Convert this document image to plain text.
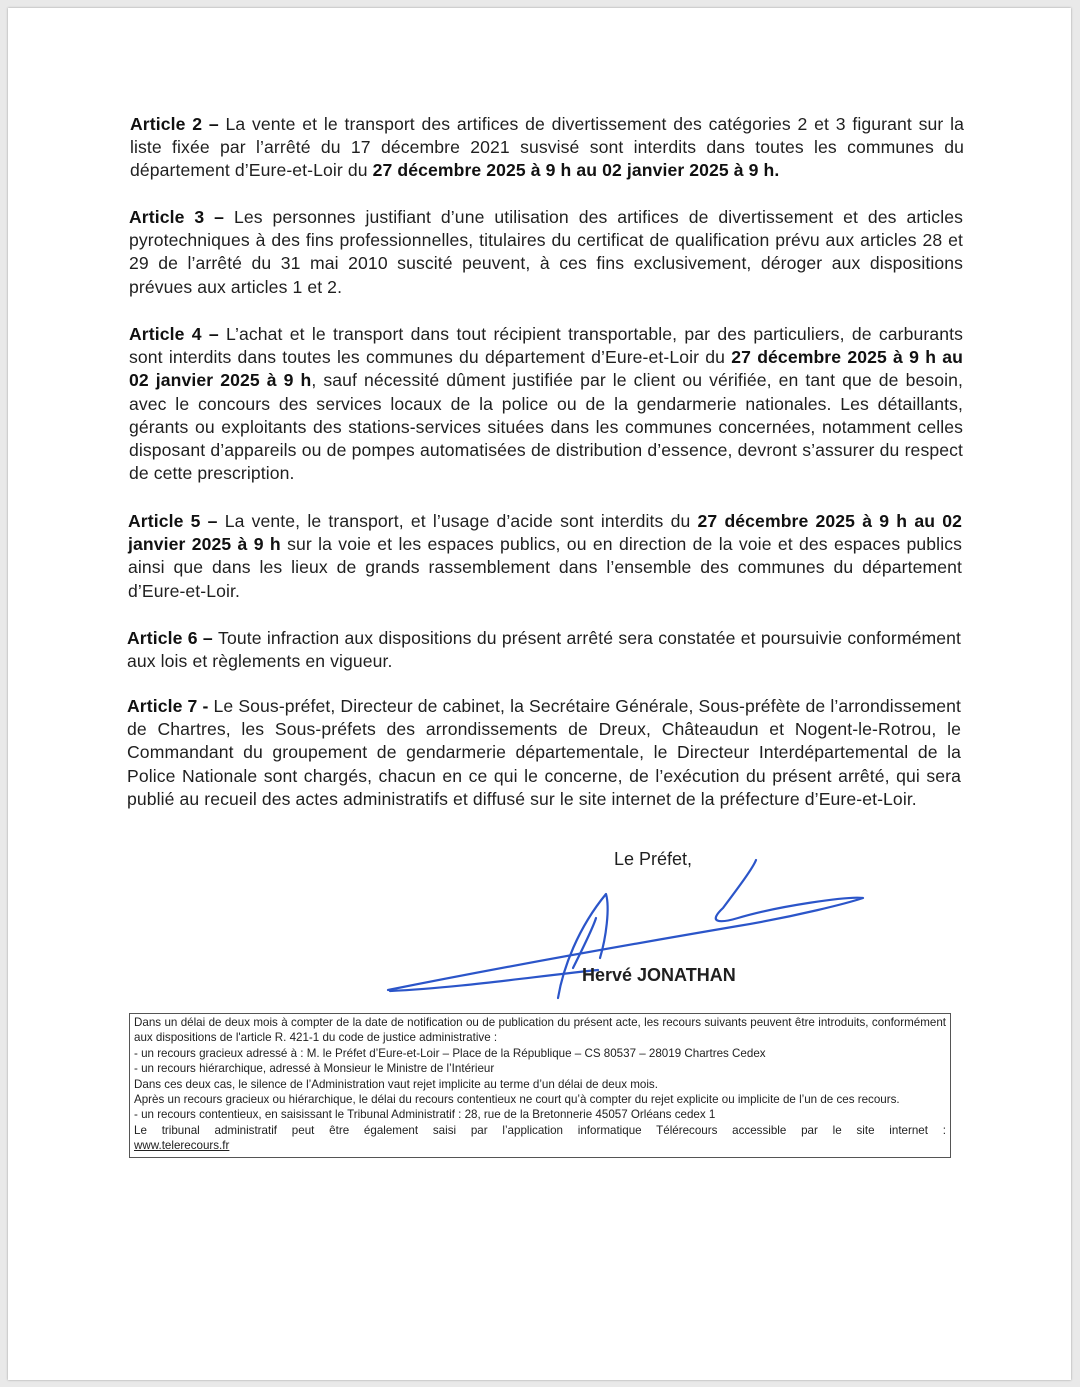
Article 2 – La vente et le transport des artifices de divertissement des catégories 2 et 3 figurant sur la liste fixée par l’arrêté du 17 décembre 2021 susvisé sont interdits dans toutes les communes du département d’Eure-et-Loir du 27 décembre 2025 à 9 h au 02 janvier 2025 à 9 h.
Article 3 – Les personnes justifiant d’une utilisation des artifices de divertissement et des articles pyrotechniques à des fins professionnelles, titulaires du certificat de qualification prévu aux articles 28 et 29 de l’arrêté du 31 mai 2010 suscité peuvent, à ces fins exclusivement, déroger aux dispositions prévues aux articles 1 et 2.
Article 4 – L’achat et le transport dans tout récipient transportable, par des particuliers, de carburants sont interdits dans toutes les communes du département d’Eure-et-Loir du 27 décembre 2025 à 9 h au 02 janvier 2025 à 9 h, sauf nécessité dûment justifiée par le client ou vérifiée, en tant que de besoin, avec le concours des services locaux de la police ou de la gendarmerie nationales. Les détaillants, gérants ou exploitants des stations-services situées dans les communes concernées, notamment celles disposant d’appareils ou de pompes automatisées de distribution d’essence, devront s’assurer du respect de cette prescription.
Article 5 – La vente, le transport, et l’usage d’acide sont interdits du 27 décembre 2025 à 9 h au 02 janvier 2025 à 9 h sur la voie et les espaces publics, ou en direction de la voie et des espaces publics ainsi que dans les lieux de grands rassemblement dans l’ensemble des communes du département d’Eure-et-Loir.
Article 6 – Toute infraction aux dispositions du présent arrêté sera constatée et poursuivie conformément aux lois et règlements en vigueur.
Article 7 - Le Sous-préfet, Directeur de cabinet, la Secrétaire Générale, Sous-préfète de l’arrondissement de Chartres, les Sous-préfets des arrondissements de Dreux, Châteaudun et Nogent-le-Rotrou, le Commandant du groupement de gendarmerie départementale, le Directeur Interdépartemental de la Police Nationale sont chargés, chacun en ce qui le concerne, de l’exécution du présent arrêté, qui sera publié au recueil des actes administratifs et diffusé sur le site internet de la préfecture d’Eure-et-Loir.
Le Préfet,
Hervé JONATHAN
Dans un délai de deux mois à compter de la date de notification ou de publication du présent acte, les recours suivants peuvent être introduits, conformément aux dispositions de l'article R. 421-1 du code de justice administrative :
- un recours gracieux adressé à : M. le Préfet d’Eure-et-Loir – Place de la République – CS 80537 – 28019 Chartres Cedex
- un recours hiérarchique, adressé à Monsieur le Ministre de l’Intérieur
Dans ces deux cas, le silence de l’Administration vaut rejet implicite au terme d’un délai de deux mois.
Après un recours gracieux ou hiérarchique, le délai du recours contentieux ne court qu’à compter du rejet explicite ou implicite de l’un de ces recours.
- un recours contentieux, en saisissant le Tribunal Administratif : 28, rue de la Bretonnerie 45057 Orléans cedex 1
Le tribunal administratif peut être également saisi par l’application informatique Télérecours accessible par le site internet :
www.telerecours.fr
